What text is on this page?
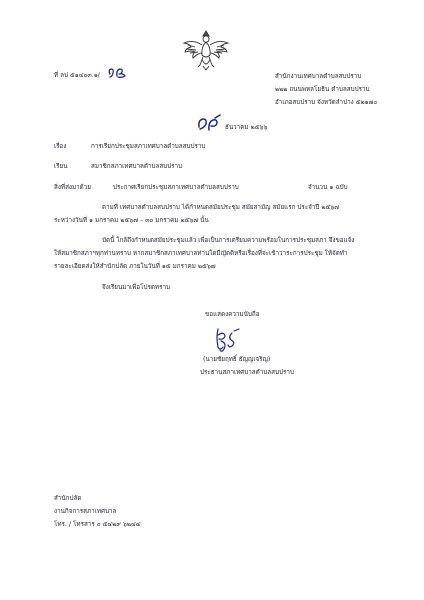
ที่ ลป ๕๑๔๐๓.๑/	สำนักงานเทศบาลตำบลสบปราบ
๒๒๒ ถนนพหลโยธิน ตำบลสบปราบ
อำเภอสบปราบ จังหวัดลำปาง ๕๒๑๗๐
ธันวาคม ๒๕๖๖
เรื่อง	การเรียกประชุมสภาเทศบาลตำบลสบปราบ
เรียน	สมาชิกสภาเทศบาลตำบลสบปราบ
สิ่งที่ส่งมาด้วย	ประกาศเรียกประชุมสภาเทศบาลตำบลสบปราบ	จำนวน ๑ ฉบับ
ตามที่ เทศบาลตำบลสบปราบ ได้กำหนดสมัยประชุม สมัยสามัญ สมัยแรก ประจำปี ๒๕๖๗
ระหว่างวันที่ ๑ มกราคม ๒๕๖๗ – ๓๐ มกราคม ๒๕๖๗ นั้น
บัดนี้ ใกล้ถึงกำหนดสมัยประชุมแล้ว เพื่อเป็นการเตรียมความพร้อมในการประชุมสภา จึงขอแจ้ง
ให้สมาชิกสภาฯทุกท่านทราบ หากสมาชิกสภาเทศบาลท่านใดมีญัตติหรือเรื่องที่จะเข้าวาระการประชุม ให้จัดทำ
รายละเอียดส่งให้สำนักปลัด ภายในวันที่ ๑๕ มกราคม ๒๕๖๗
จึงเรียนมาเพื่อโปรดทราบ
ขอแสดงความนับถือ
(นายชัยฤทธิ์ ธัญญเจริญ)
ประธานสภาเทศบาลตำบลสบปราบ
สำนักปลัด
งานกิจการสภาเทศบาล
โทร. / โทรสาร ๐ ๕๔๒๙ ๖๒๔๔
